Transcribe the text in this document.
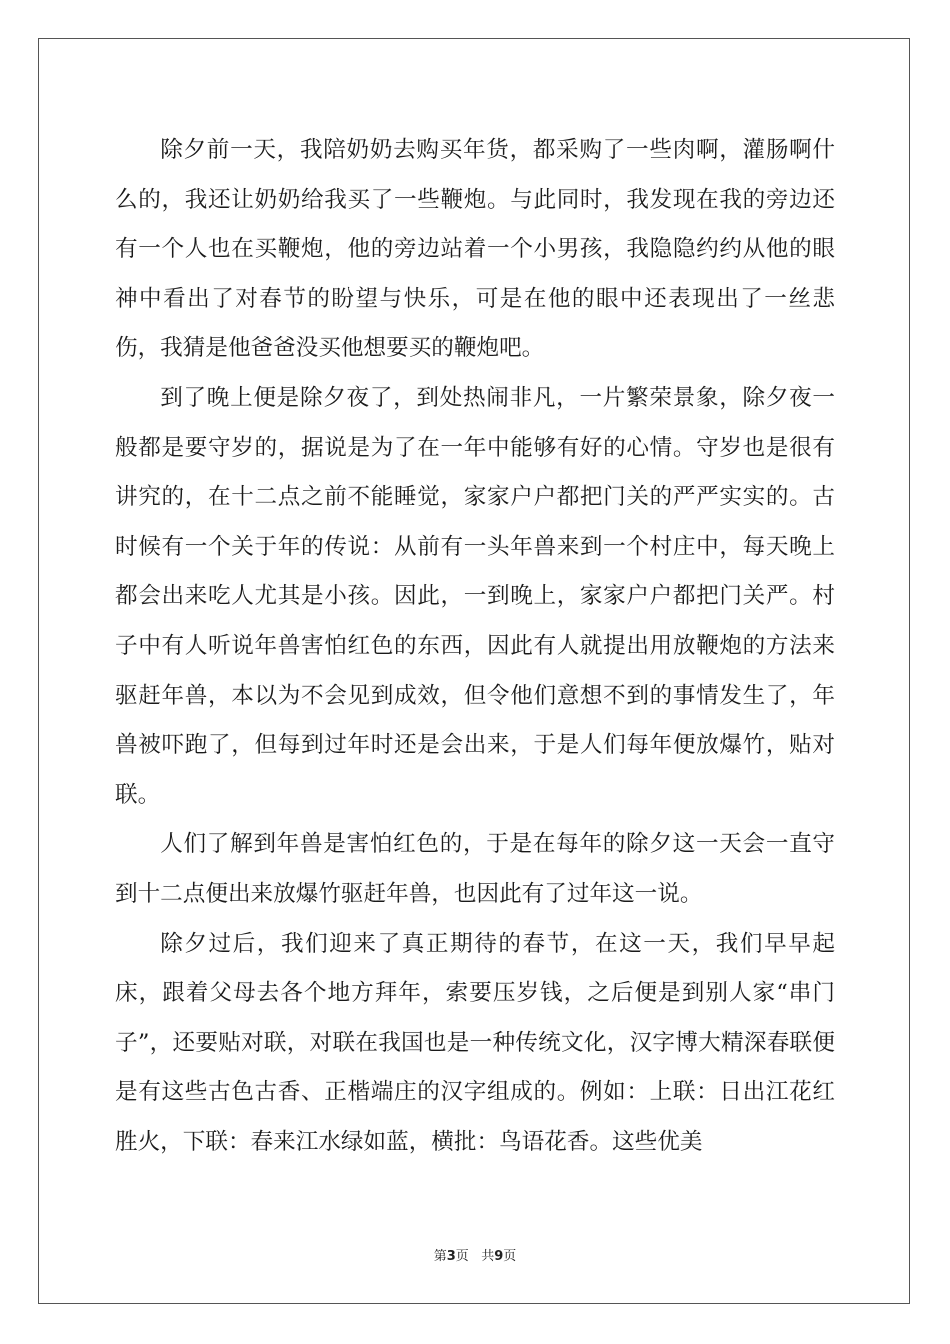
除夕前一天，我陪奶奶去购买年货，都采购了一些肉啊，灌肠啊什么的，我还让奶奶给我买了一些鞭炮。与此同时，我发现在我的旁边还有一个人也在买鞭炮，他的旁边站着一个小男孩，我隐隐约约从他的眼神中看出了对春节的盼望与快乐，可是在他的眼中还表现出了一丝悲伤，我猜是他爸爸没买他想要买的鞭炮吧。

到了晚上便是除夕夜了，到处热闹非凡，一片繁荣景象，除夕夜一般都是要守岁的，据说是为了在一年中能够有好的心情。守岁也是很有讲究的，在十二点之前不能睡觉，家家户户都把门关的严严实实的。古时候有一个关于年的传说：从前有一头年兽来到一个村庄中，每天晚上都会出来吃人尤其是小孩。因此，一到晚上，家家户户都把门关严。村子中有人听说年兽害怕红色的东西，因此有人就提出用放鞭炮的方法来驱赶年兽，本以为不会见到成效，但令他们意想不到的事情发生了，年兽被吓跑了，但每到过年时还是会出来，于是人们每年便放爆竹，贴对联。

人们了解到年兽是害怕红色的，于是在每年的除夕这一天会一直守到十二点便出来放爆竹驱赶年兽，也因此有了过年这一说。

除夕过后，我们迎来了真正期待的春节，在这一天，我们早早起床，跟着父母去各个地方拜年，索要压岁钱，之后便是到别人家“串门子”，还要贴对联，对联在我国也是一种传统文化，汉字博大精深春联便是有这些古色古香、正楷端庄的汉字组成的。例如：上联：日出江花红胜火，下联：春来江水绿如蓝，横批：鸟语花香。这些优美

第3页 共9页
